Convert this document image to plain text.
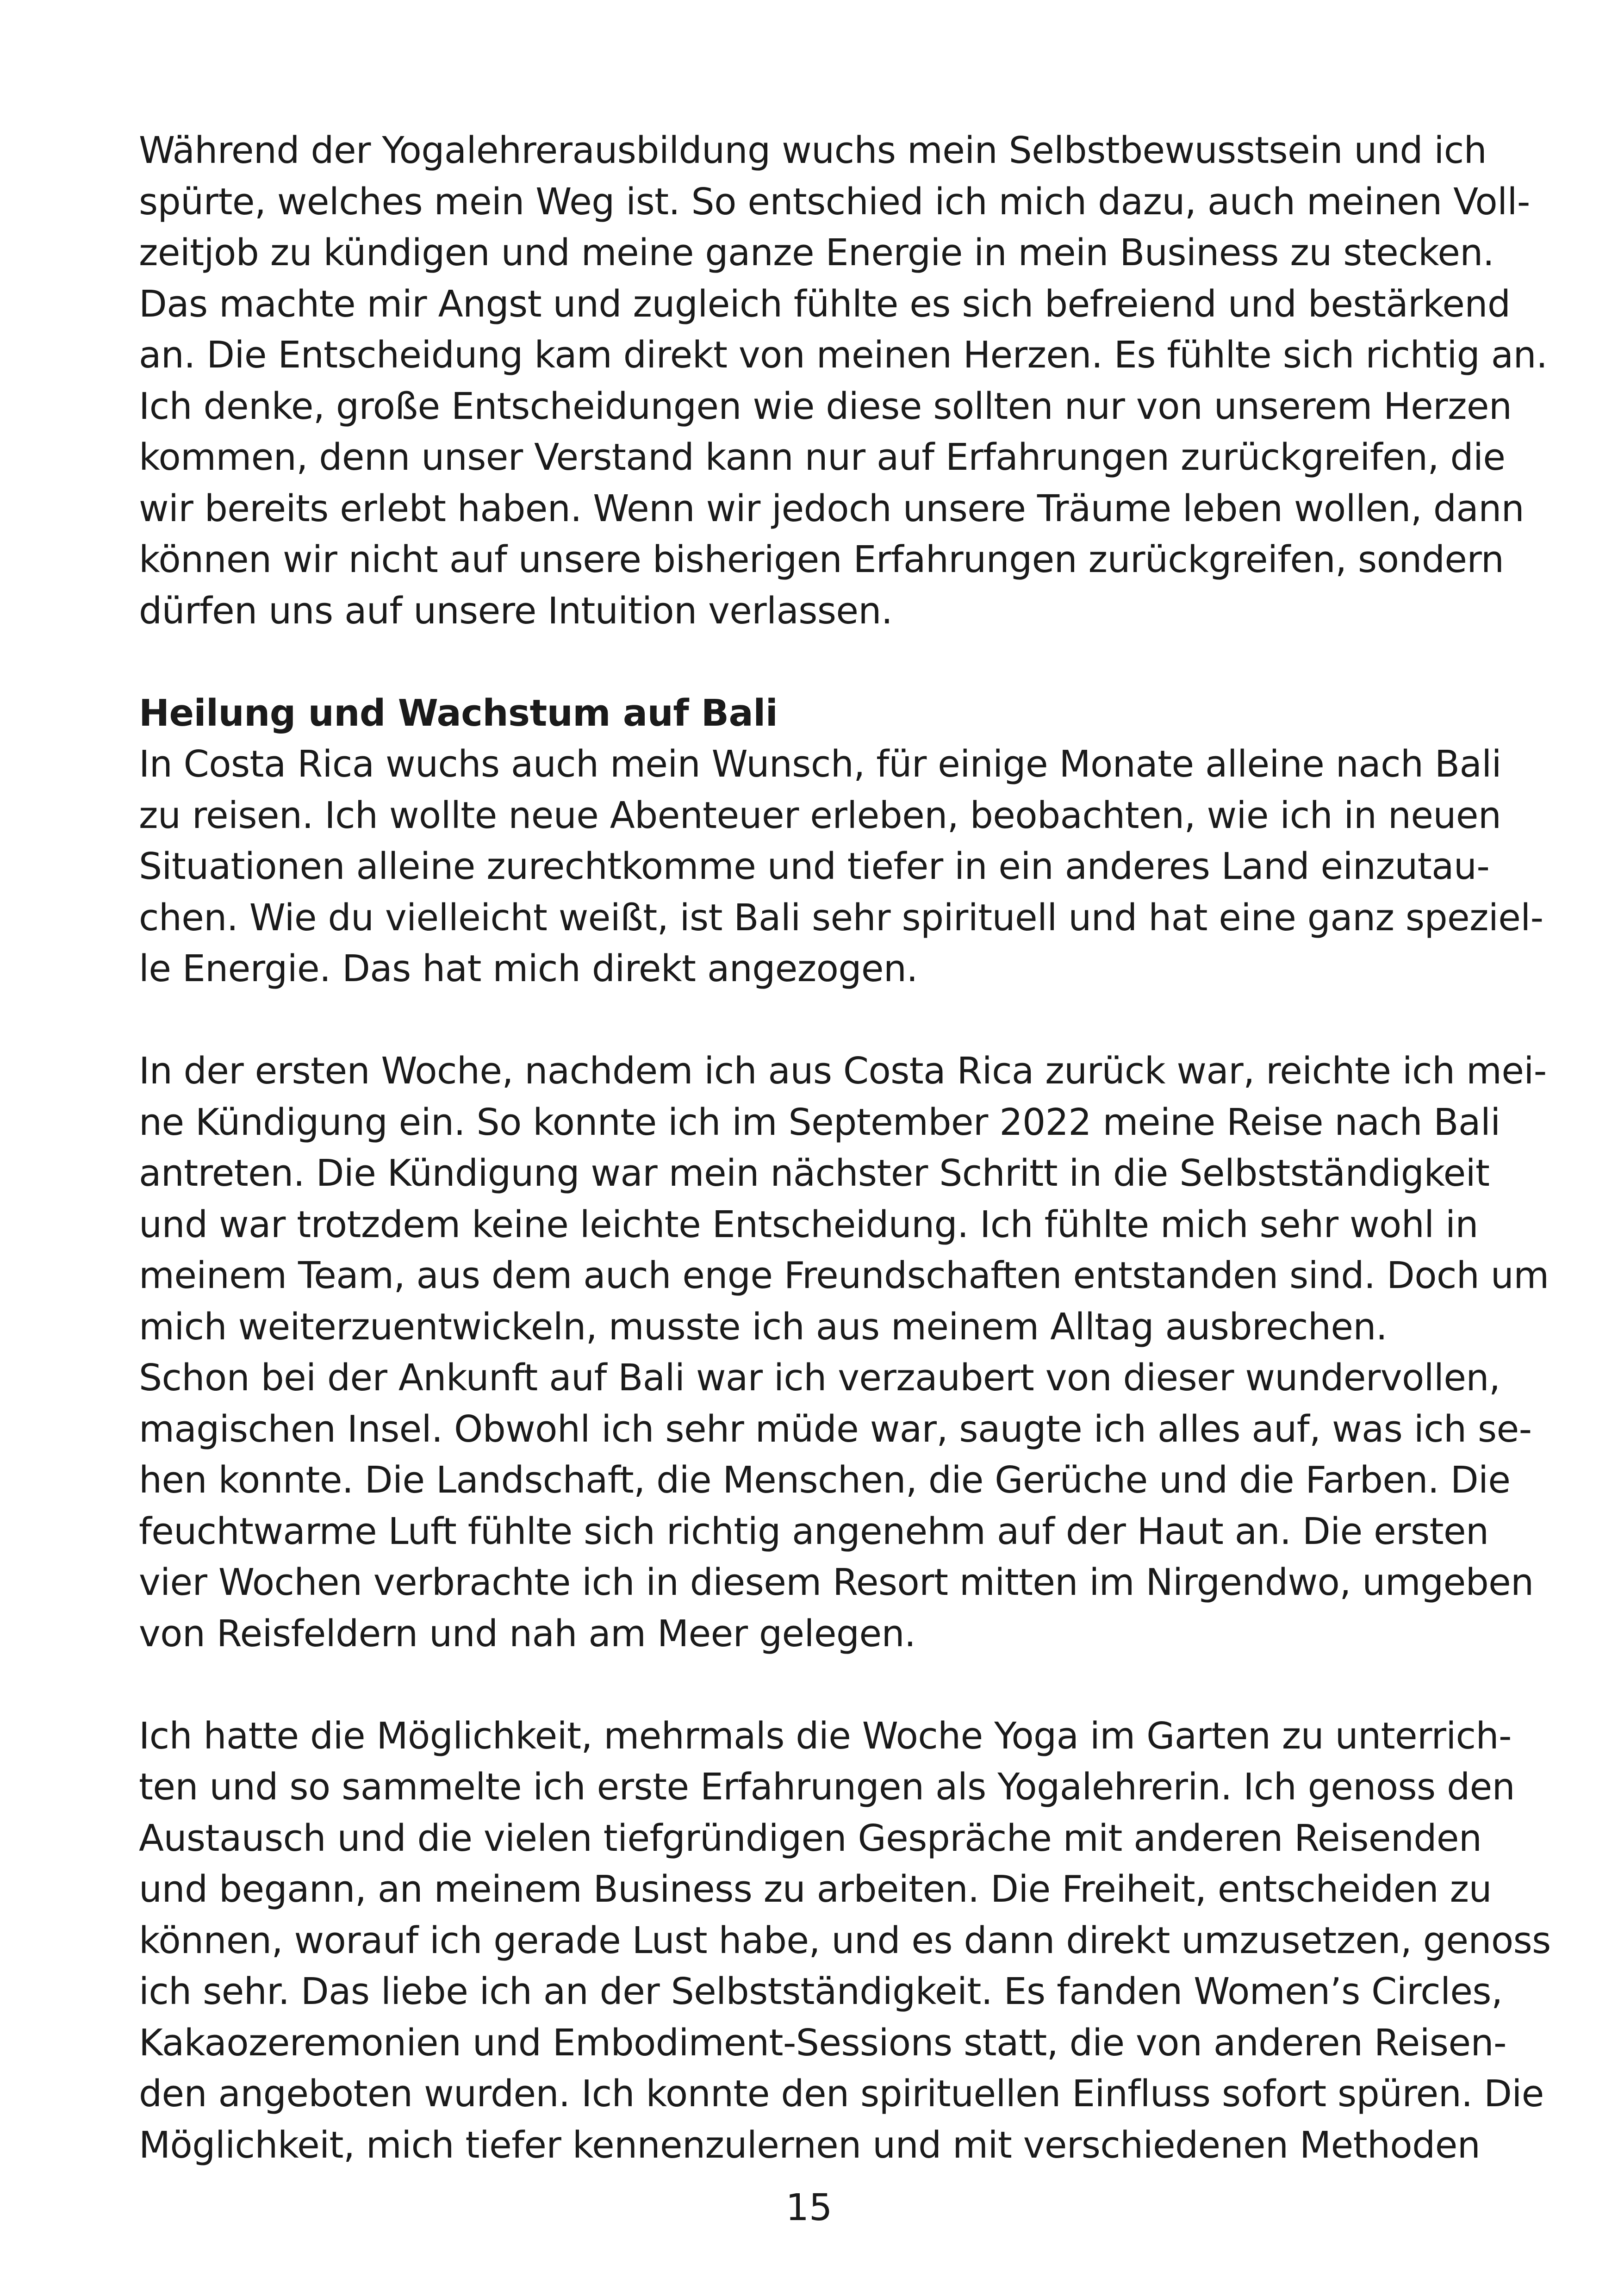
Während der Yogalehrerausbildung wuchs mein Selbstbewusstsein und ich
spürte, welches mein Weg ist. So entschied ich mich dazu, auch meinen Voll-
zeitjob zu kündigen und meine ganze Energie in mein Business zu stecken.
Das machte mir Angst und zugleich fühlte es sich befreiend und bestärkend
an. Die Entscheidung kam direkt von meinen Herzen. Es fühlte sich richtig an.
Ich denke, große Entscheidungen wie diese sollten nur von unserem Herzen
kommen, denn unser Verstand kann nur auf Erfahrungen zurückgreifen, die
wir bereits erlebt haben. Wenn wir jedoch unsere Träume leben wollen, dann
können wir nicht auf unsere bisherigen Erfahrungen zurückgreifen, sondern
dürfen uns auf unsere Intuition verlassen.
Heilung und Wachstum auf Bali
In Costa Rica wuchs auch mein Wunsch, für einige Monate alleine nach Bali
zu reisen. Ich wollte neue Abenteuer erleben, beobachten, wie ich in neuen
Situationen alleine zurechtkomme und tiefer in ein anderes Land einzutau-
chen. Wie du vielleicht weißt, ist Bali sehr spirituell und hat eine ganz speziel-
le Energie. Das hat mich direkt angezogen.
In der ersten Woche, nachdem ich aus Costa Rica zurück war, reichte ich mei-
ne Kündigung ein. So konnte ich im September 2022 meine Reise nach Bali
antreten. Die Kündigung war mein nächster Schritt in die Selbstständigkeit
und war trotzdem keine leichte Entscheidung. Ich fühlte mich sehr wohl in
meinem Team, aus dem auch enge Freundschaften entstanden sind. Doch um
mich weiterzuentwickeln, musste ich aus meinem Alltag ausbrechen.
Schon bei der Ankunft auf Bali war ich verzaubert von dieser wundervollen,
magischen Insel. Obwohl ich sehr müde war, saugte ich alles auf, was ich se-
hen konnte. Die Landschaft, die Menschen, die Gerüche und die Farben. Die
feuchtwarme Luft fühlte sich richtig angenehm auf der Haut an. Die ersten
vier Wochen verbrachte ich in diesem Resort mitten im Nirgendwo, umgeben
von Reisfeldern und nah am Meer gelegen.
Ich hatte die Möglichkeit, mehrmals die Woche Yoga im Garten zu unterrich-
ten und so sammelte ich erste Erfahrungen als Yogalehrerin. Ich genoss den
Austausch und die vielen tiefgründigen Gespräche mit anderen Reisenden
und begann, an meinem Business zu arbeiten. Die Freiheit, entscheiden zu
können, worauf ich gerade Lust habe, und es dann direkt umzusetzen, genoss
ich sehr. Das liebe ich an der Selbstständigkeit. Es fanden Women’s Circles,
Kakaozeremonien und Embodiment-Sessions statt, die von anderen Reisen-
den angeboten wurden. Ich konnte den spirituellen Einfluss sofort spüren. Die
Möglichkeit, mich tiefer kennenzulernen und mit verschiedenen Methoden
15
